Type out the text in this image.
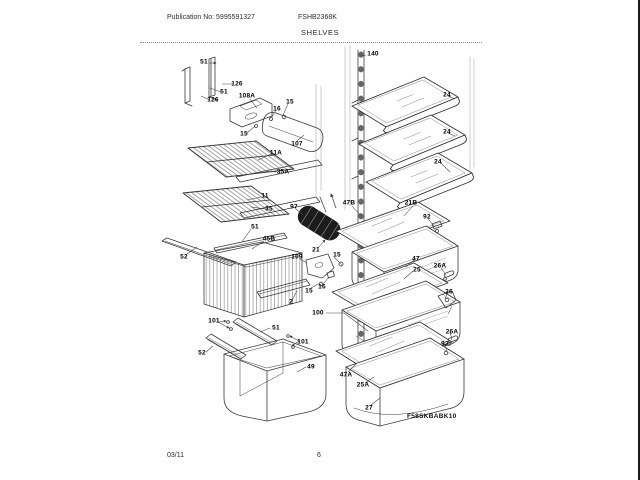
Publication No: 5995591327	FSHB2368K
SHELVES
51
126
51
126
108A
15
16
15
107
11A
35A
11
35	97
51
45B
52
21
109	15
16
15
2
100
101
51
101
52
49
140
24
24
24
47B	21B
92
47
25
26A
26
26A
92
47A
25A
27
F58SKBABK10
03/11	6
